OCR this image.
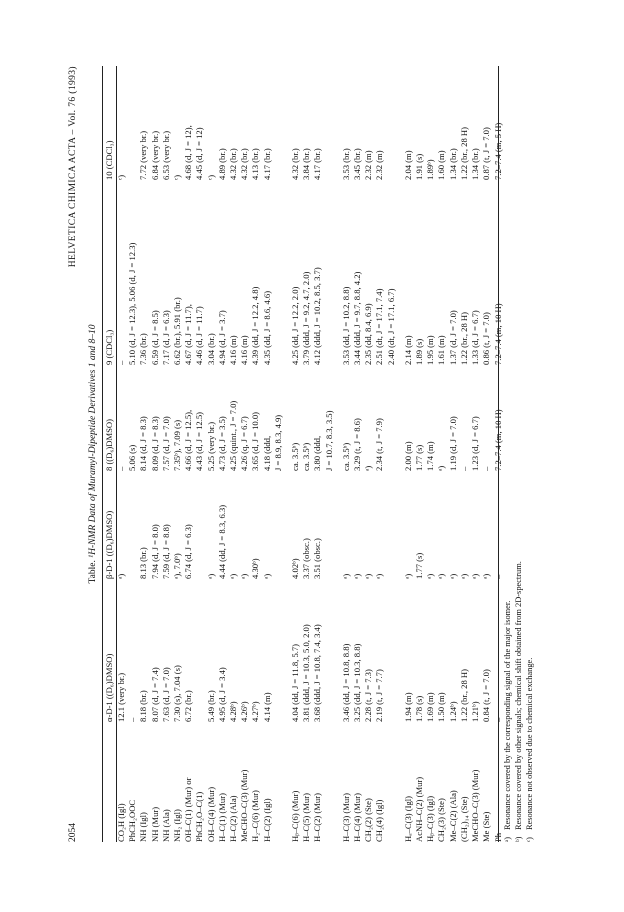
2054
HELVETICA CHIMICA ACTA – Vol. 76 (1993)
Table. ¹H-NMR Data of Muramyl-Dipeptide Derivatives 1 and 8–10
α-D-1 ((D₆)DMSO)
β-D-1 ((D₆)DMSO)
8 ((D₆)DMSO)
9 (CDCl₃)
10 (CDCl₃)
CO₂H (Igl)
12.1 (very br.)
ᵃ)
–
–
ᶜ)
PhCH₂OOC
–
5.06 (s)
5.10 (d, J = 12.3), 5.06 (d, J = 12.3)
NH (Igl)
8.18 (br.)
8.13 (br.)
8.14 (d, J = 8.3)
7.36 (br.)
7.72 (very br.)
NH (Mur)
8.07 (d, J = 7.4)
7.94 (d, J = 8.0)
8.09 (d, J = 8.3)
6.59 (d, J = 8.5)
6.84 (very br.)
NH (Ala)
7.63 (d, J = 7.0)
7.59 (d, J = 8.8)
7.57 (d, J = 7.0)
7.17 (d, J = 6.3)
6.53 (very br.)
NH₂ (Igl)
7.30 (s), 7.04 (s)
ᵃ), 7.0ᵇ)
7.35ᵇ), 7.09 (s)
6.62 (br.), 5.91 (br.)
ᶜ)
OH–C(1) (Mur) or
6.72 (br.)
6.74 (d, J = 6.3)
4.66 (d, J = 12.5),
4.67 (d, J = 11.7),
4.68 (d, J = 12),
PhCH₂O–C(1)
4.43 (d, J = 12.5)
4.46 (d, J = 11.7)
4.45 (d, J = 12)
OH–C(4) (Mur)
5.49 (br.)
ᵃ)
5.25 (very br.)
3.04 (br.)
ᶜ)
H–C(1) (Mur)
4.95 (d, J = 3.4)
4.44 (dd, J = 8.3, 6.3)
4.73 (d, J = 3.5)
4.94 (d, J = 3.7)
4.89 (br.)
H–C(2) (Ala)
4.28ᵇ)
ᵃ)
4.25 (quint., J = 7.0)
4.16 (m)
4.32 (br.)
MeCHO–C(3) (Mur)
4.26ᵇ)
ᵃ)
4.26 (q, J = 6.7)
4.16 (m)
4.32 (br.)
H₂–C(6) (Mur)
4.27ᵇ)
4.30ᵇ)
3.65 (d, J = 10.0)
4.39 (dd, J = 12.2, 4.8)
4.13 (br.)
H–C(2) (Igl)
4.14 (m)
ᵃ)
4.18 (ddd,
4.35 (dd, J = 8.6, 4.6)
4.17 (br.)
J = 8.9, 8.3, 4.9)
Hᵦ–C(6) (Mur)
4.04 (dd, J = 11.8, 5.7)
4.02ᵇ)
ca. 3.5ᵇ)
4.25 (dd, J = 12.2, 2.0)
4.32 (br.)
H–C(5) (Mur)
3.81 (ddd, J = 10.3, 5.0, 2.0)
3.37 (obsc.)
ca. 3.5ᵇ)
3.79 (ddd, J = 9.2, 4.7, 2.0)
3.84 (br.)
H–C(2) (Mur)
3.68 (ddd, J = 10.8, 7.4, 3.4)
3.51 (obsc.)
3.80 (ddd,
4.12 (ddd, J = 10.2, 8.5, 3.7)
4.17 (br.)
J = 10.7, 8.3, 3.5)
H–C(3) (Mur)
3.46 (dd, J = 10.8, 8.8)
ᵃ)
ca. 3.5ᵇ)
3.53 (dd, J = 10.2, 8.8)
3.53 (br.)
H–C(4) (Mur)
3.25 (dd, J = 10.3, 8.8)
ᵃ)
3.29 (t, J = 8.6)
3.44 (ddd, J = 9.7, 8.8, 4.2)
3.45 (br.)
CH₂(2) (Ste)
2.28 (t, J = 7.3)
ᵃ)
ᵃ)
2.35 (dd, 8.4, 6.9)
2.32 (m)
CH₂(4) (Igl)
2.19 (t, J = 7.7)
ᵃ)
2.34 (t, J = 7.9)
2.51 (dt, J = 17.1, 7.4)
2.32 (m)
2.40 (dt, J = 17.1, 6.7)
Hₐ–C(3) (Igl)
1.94 (m)
ᵃ)
2.00 (m)
2.14 (m)
2.04 (m)
AcNH–C(2) (Mur)
1.78 (s)
1.77 (s)
1.77 (s)
1.89 (s)
1.91 (s)
Hᵦ–C(3) (Igl)
1.69 (m)
ᵃ)
1.74 (m)
1.95 (m)
1.89ᵇ)
CH₂(3) (Ste)
1.50 (m)
ᵃ)
ᵃ)
1.61 (m)
1.60 (m)
Me–C(2) (Ala)
1.24ᵇ)
ᵃ)
1.19 (d, J = 7.0)
1.37 (d, J = 7.0)
1.34 (br.)
(CH₂)₁₄ (Ste)
1.22 (br., 28 H)
ᵃ)
–
1.22 (br., 28 H)
1.22 (br., 28 H)
MeCHO–C(3) (Mur)
1.21ᵇ)
ᵃ)
1.23 (d, J = 6.7)
1.33 (d, J = 6.7)
1.34 (br.)
Me (Ste)
0.84 (t, J = 7.0)
ᵃ)
–
0.86 (t, J = 7.0)
0.87 (t, J = 7.0)
Ph
–
–
7.2–7.4 (m, 10 H)
7.2–7.4 (m, 10 H)
7.2–7.4 (m, 5 H)
ᵃ)
Resonance covered by the corresponding signal of the major isomer.
ᵇ)
Resonance covered by other signals; chemical shift obtained from 2D-spectrum.
ᶜ)
Resonance not observed due to chemical exchange.
